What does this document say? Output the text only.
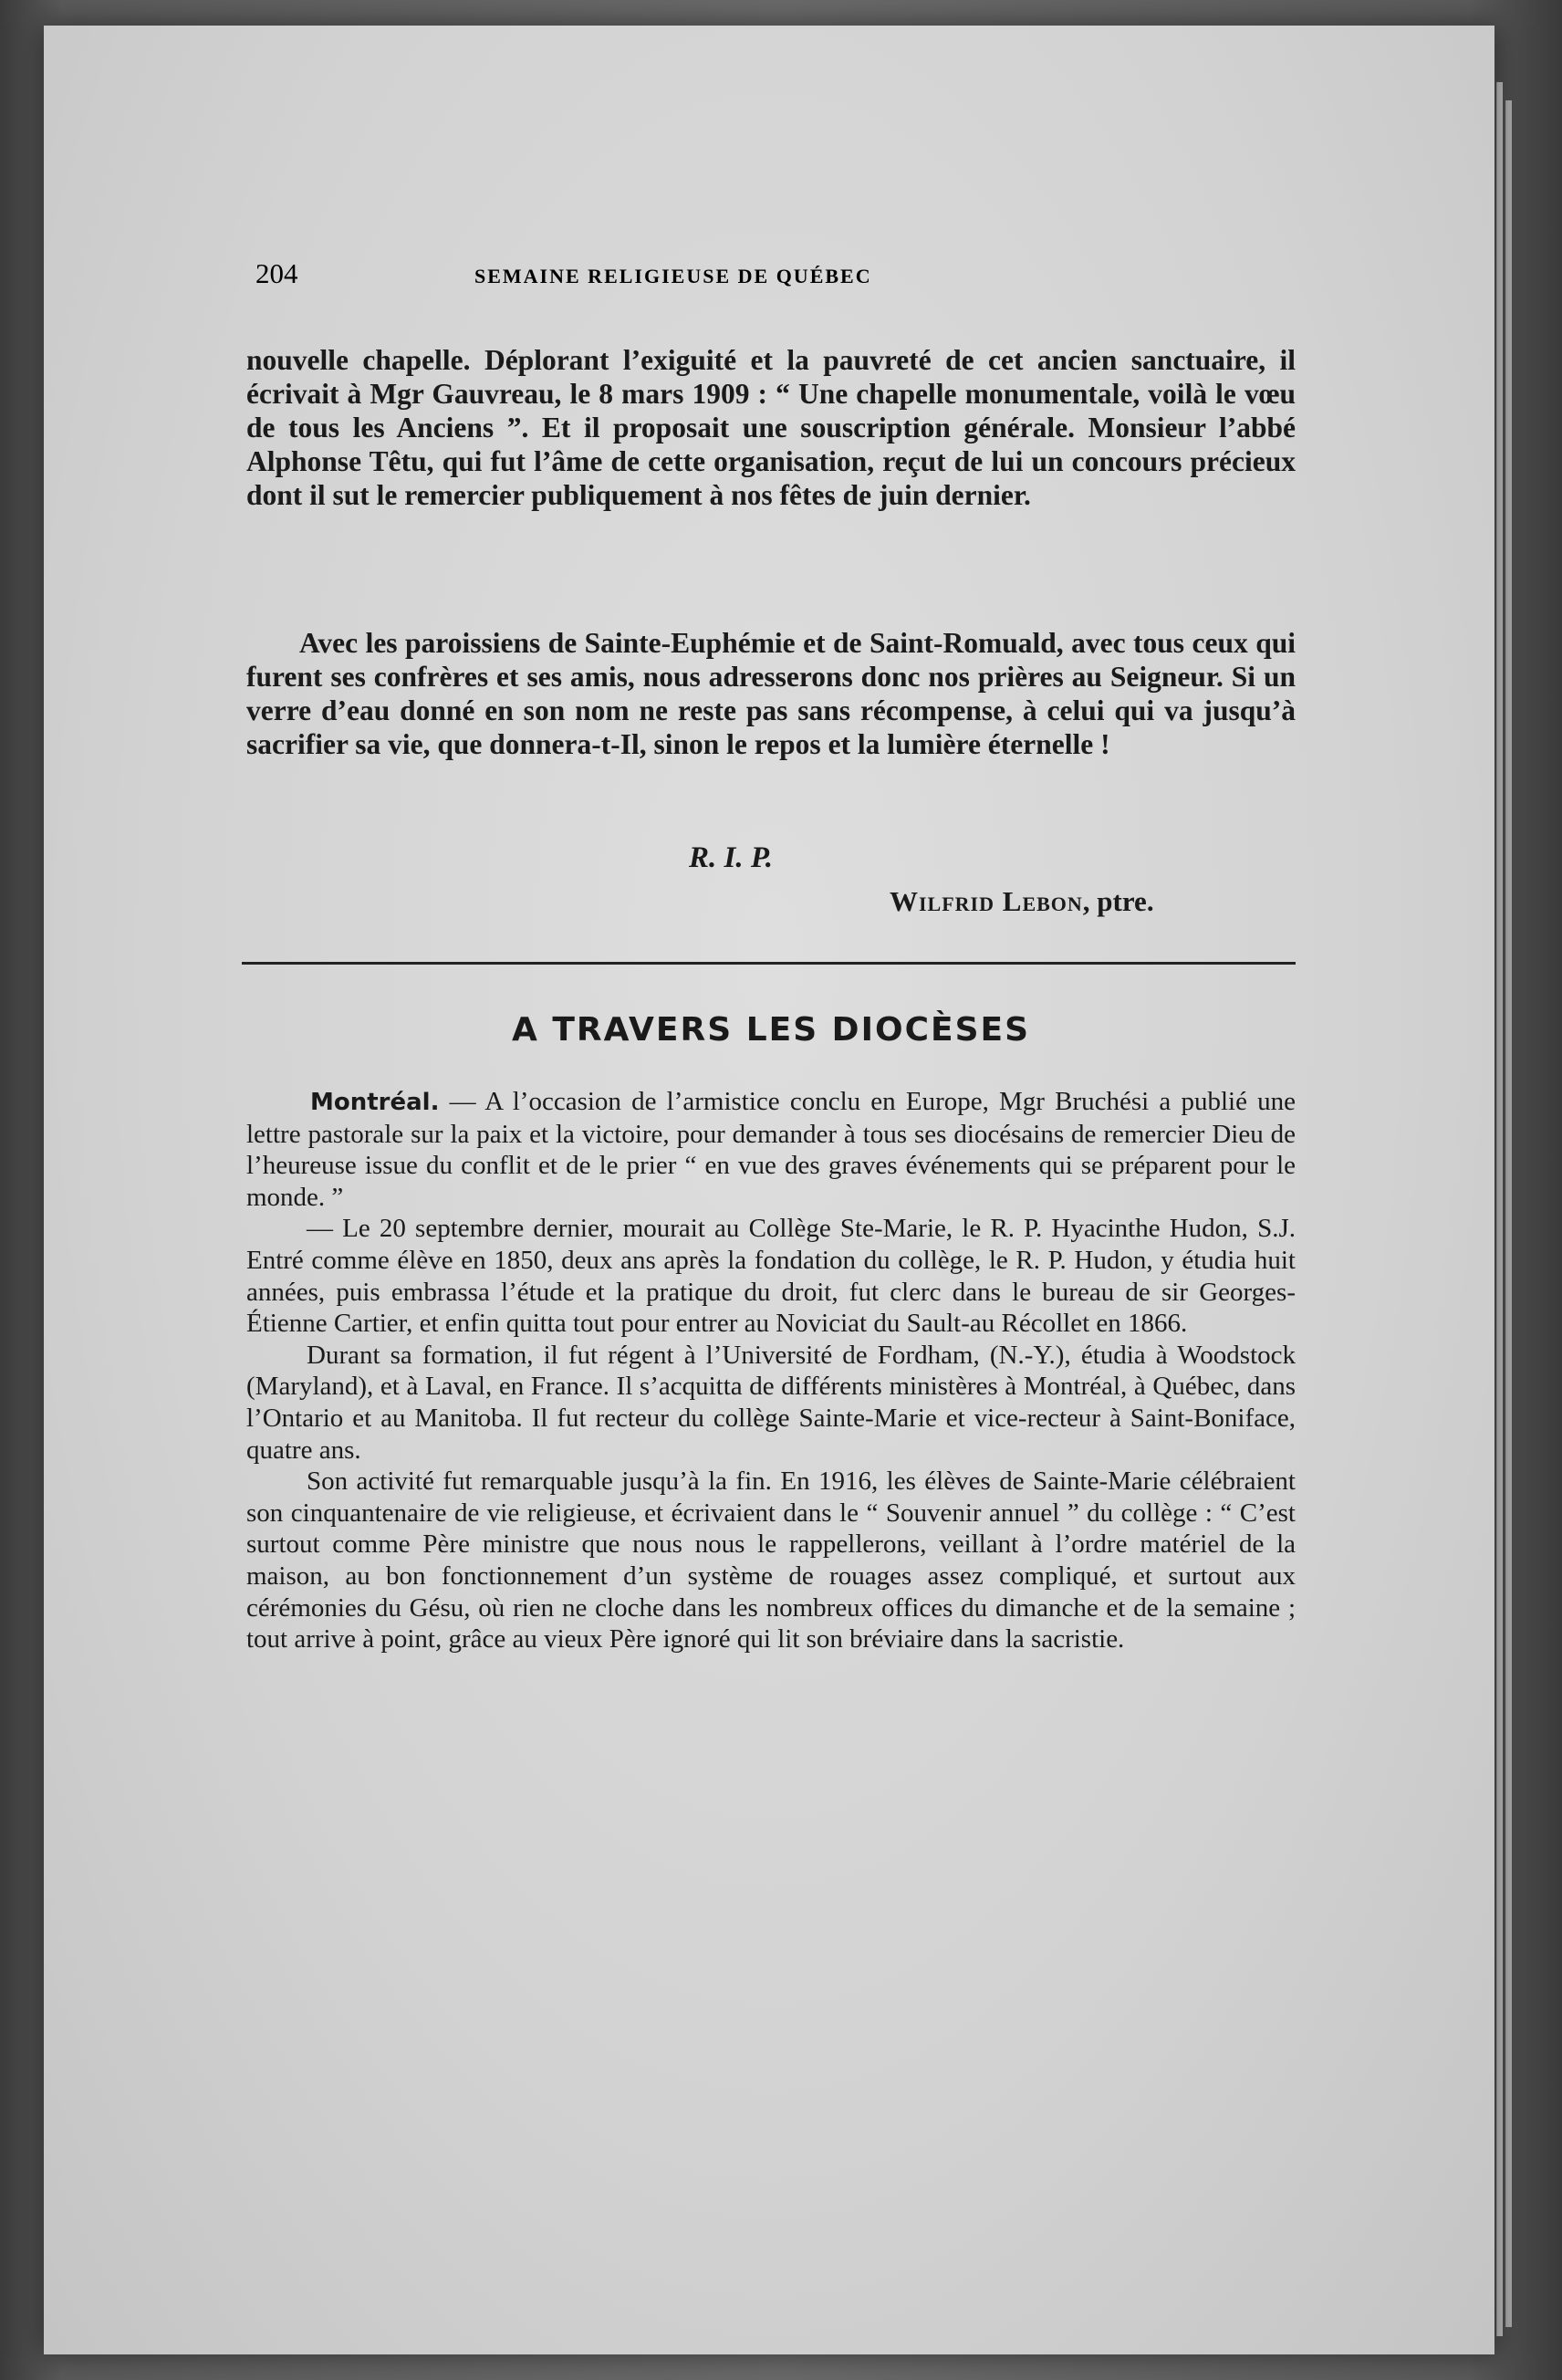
204	SEMAINE RELIGIEUSE DE QUÉBEC

nouvelle chapelle. Déplorant l’exiguité et la pauvreté de cet ancien sanctuaire, il écrivait à Mgr Gauvreau, le 8 mars 1909 : “ Une chapelle monumentale, voilà le vœu de tous les Anciens ”. Et il proposait une souscription générale. Monsieur l’abbé Alphonse Têtu, qui fut l’âme de cette organisation, reçut de lui un concours précieux dont il sut le remercier publiquement à nos fêtes de juin dernier.

Avec les paroissiens de Sainte-Euphémie et de Saint-Romuald, avec tous ceux qui furent ses confrères et ses amis, nous adresserons donc nos prières au Seigneur. Si un verre d’eau donné en son nom ne reste pas sans récompense, à celui qui va jusqu’à sacrifier sa vie, que donnera-t-Il, sinon le repos et la lumière éternelle !

R. I. P.
Wilfrid Lebon, ptre.
A TRAVERS LES DIOCÈSES

Montréal. — A l’occasion de l’armistice conclu en Europe, Mgr Bruchési a publié une lettre pastorale sur la paix et la victoire, pour demander à tous ses diocésains de remercier Dieu de l’heureuse issue du conflit et de le prier “ en vue des graves événements qui se préparent pour le monde. ”

— Le 20 septembre dernier, mourait au Collège Ste-Marie, le R. P. Hyacinthe Hudon, S.J. Entré comme élève en 1850, deux ans après la fondation du collège, le R. P. Hudon, y étudia huit années, puis embrassa l’étude et la pratique du droit, fut clerc dans le bureau de sir Georges-Étienne Cartier, et enfin quitta tout pour entrer au Noviciat du Sault-au Récollet en 1866.

Durant sa formation, il fut régent à l’Université de Fordham, (N.-Y.), étudia à Woodstock (Maryland), et à Laval, en France. Il s’acquitta de différents ministères à Montréal, à Québec, dans l’Ontario et au Manitoba. Il fut recteur du collège Sainte-Marie et vice-recteur à Saint-Boniface, quatre ans.

Son activité fut remarquable jusqu’à la fin. En 1916, les élèves de Sainte-Marie célébraient son cinquantenaire de vie religieuse, et écrivaient dans le “ Souvenir annuel ” du collège : “ C’est surtout comme Père ministre que nous nous le rappellerons, veillant à l’ordre matériel de la maison, au bon fonctionnement d’un système de rouages assez compliqué, et surtout aux cérémonies du Gésu, où rien ne cloche dans les nombreux offices du dimanche et de la semaine ; tout arrive à point, grâce au vieux Père ignoré qui lit son bréviaire dans la sacristie.
